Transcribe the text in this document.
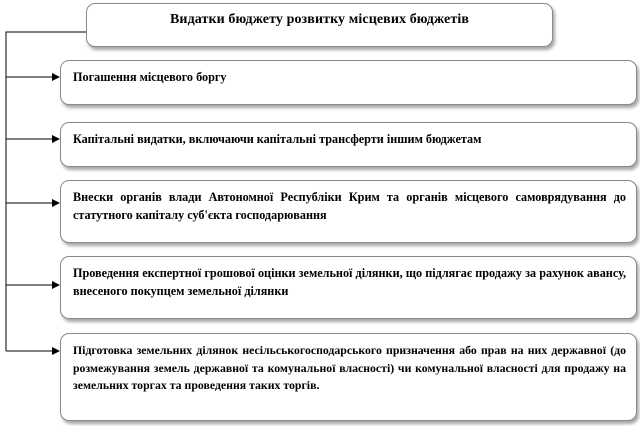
Видатки бюджету розвитку місцевих бюджетів
Погашення місцевого боргу
Капітальні видатки, включаючи капітальні трансферти іншим бюджетам
Внески органів влади Автономної Республіки Крим та органів місцевого самоврядування до статутного капіталу суб'єкта господарювання
Проведення експертної грошової оцінки земельної ділянки, що підлягає продажу за рахунок авансу, внесеного покупцем земельної ділянки
Підготовка земельних ділянок несільськогосподарського призначення або прав на них державної (до розмежування земель державної та комунальної власності) чи комунальної власності для продажу на земельних торгах та проведення таких торгів.
